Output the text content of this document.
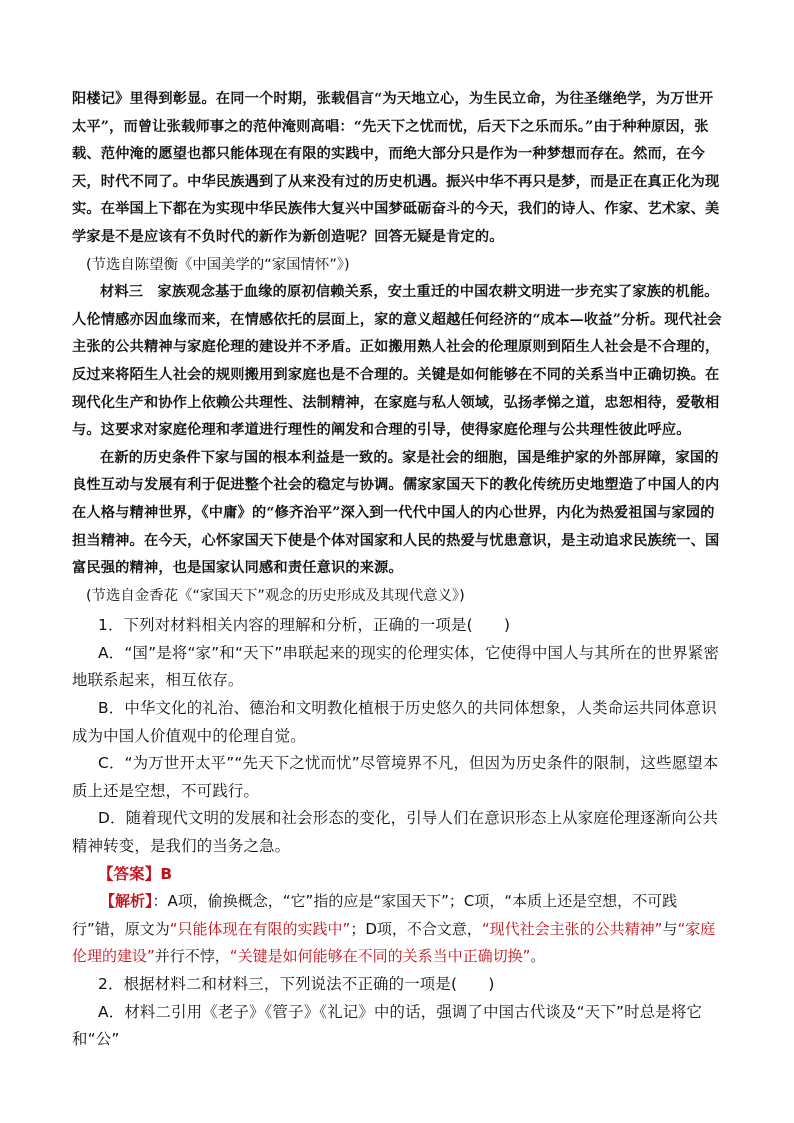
阳楼记》里得到彰显。在同一个时期，张载倡言“为天地立心，为生民立命，为往圣继绝学，为万世开太平”，而曾让张载师事之的范仲淹则高唱：“先天下之忧而忧，后天下之乐而乐。”由于种种原因，张载、范仲淹的愿望也都只能体现在有限的实践中，而绝大部分只是作为一种梦想而存在。然而，在今天，时代不同了。中华民族遇到了从来没有过的历史机遇。振兴中华不再只是梦，而是正在真正化为现实。在举国上下都在为实现中华民族伟大复兴中国梦砥砺奋斗的今天，我们的诗人、作家、艺术家、美学家是不是应该有不负时代的新作为新创造呢？回答无疑是肯定的。

(节选自陈望衡《中国美学的“家国情怀”》)

材料三　家族观念基于血缘的原初信赖关系，安土重迁的中国农耕文明进一步充实了家族的机能。人伦情感亦因血缘而来，在情感依托的层面上，家的意义超越任何经济的“成本—收益”分析。现代社会主张的公共精神与家庭伦理的建设并不矛盾。正如搬用熟人社会的伦理原则到陌生人社会是不合理的，反过来将陌生人社会的规则搬用到家庭也是不合理的。关键是如何能够在不同的关系当中正确切换。在现代化生产和协作上依赖公共理性、法制精神，在家庭与私人领域，弘扬孝悌之道，忠恕相待，爱敬相与。这要求对家庭伦理和孝道进行理性的阐发和合理的引导，使得家庭伦理与公共理性彼此呼应。

在新的历史条件下家与国的根本利益是一致的。家是社会的细胞，国是维护家的外部屏障，家国的良性互动与发展有利于促进整个社会的稳定与协调。儒家家国天下的教化传统历史地塑造了中国人的内在人格与精神世界，《中庸》的“修齐治平”深入到一代代中国人的内心世界，内化为热爱祖国与家园的担当精神。在今天，心怀家国天下使是个体对国家和人民的热爱与忧患意识，是主动追求民族统一、国富民强的精神，也是国家认同感和责任意识的来源。

(节选自金香花《“家国天下”观念的历史形成及其现代意义》)

1．下列对材料相关内容的理解和分析，正确的一项是(　　)

A．“国”是将“家”和“天下”串联起来的现实的伦理实体，它使得中国人与其所在的世界紧密地联系起来，相互依存。

B．中华文化的礼治、德治和文明教化植根于历史悠久的共同体想象，人类命运共同体意识成为中国人价值观中的伦理自觉。

C．“为万世开太平”“先天下之忧而忧”尽管境界不凡，但因为历史条件的限制，这些愿望本质上还是空想，不可践行。

D．随着现代文明的发展和社会形态的变化，引导人们在意识形态上从家庭伦理逐渐向公共精神转变，是我们的当务之急。

【答案】B

【解析】：A项，偷换概念，“它”指的应是“家国天下”；C项，“本质上还是空想，不可践行”错，原文为“只能体现在有限的实践中”；D项，不合文意，“现代社会主张的公共精神”与“家庭伦理的建设”并行不悖，“关键是如何能够在不同的关系当中正确切换”。

2．根据材料二和材料三，下列说法不正确的一项是(　　)

A．材料二引用《老子》《管子》《礼记》中的话，强调了中国古代谈及“天下”时总是将它和“公”
